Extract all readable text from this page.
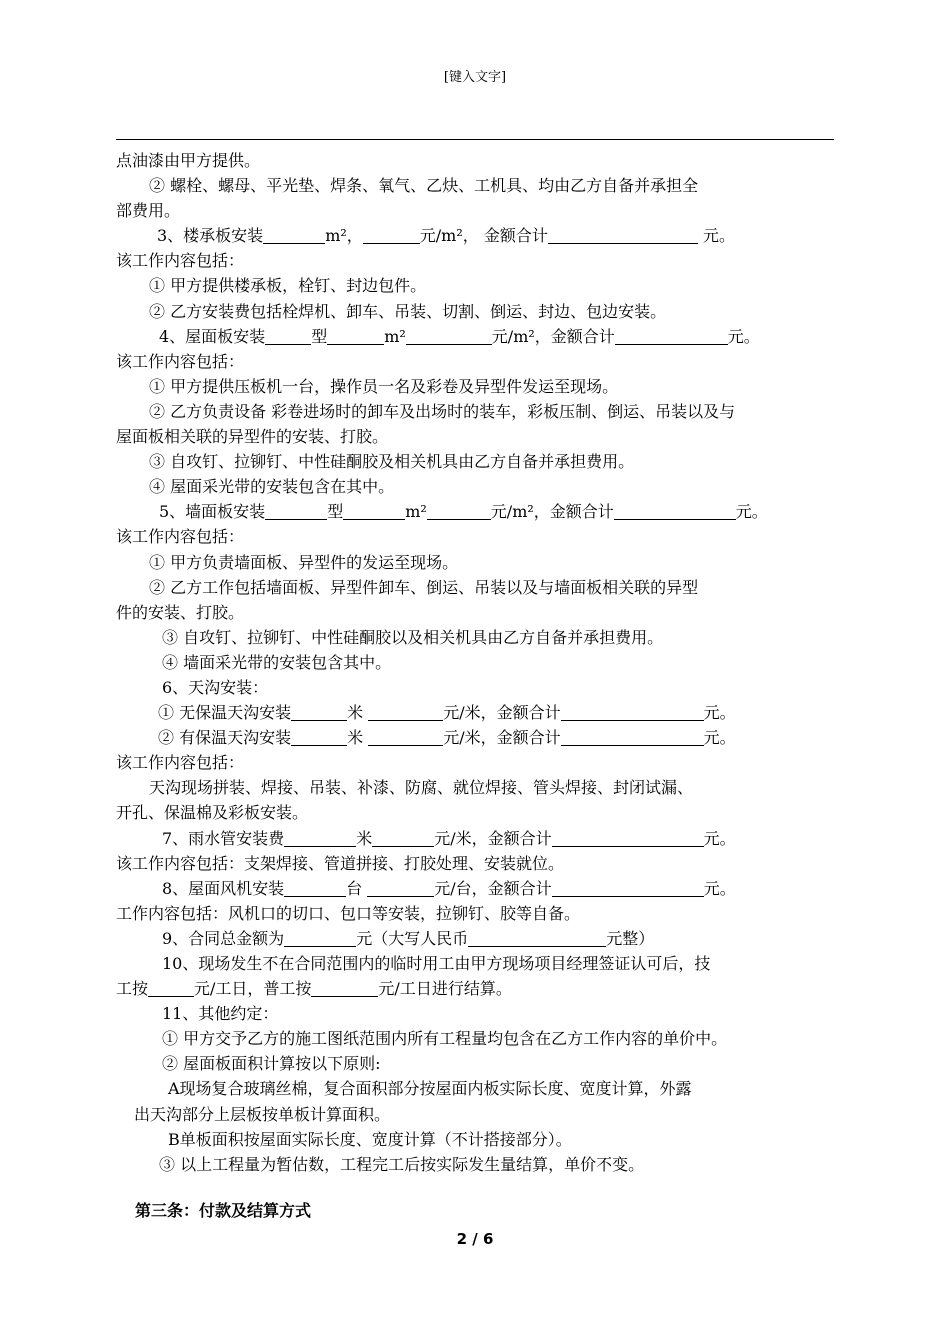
[键入文字]
点油漆由甲方提供。
② 螺栓、螺母、平光垫、焊条、氧气、乙炔、工机具、均由乙方自备并承担全
部费用。
3、楼承板安装	m²，	元/m²， 金额合计	元。
该工作内容包括：
① 甲方提供楼承板，栓钉、封边包件。
② 乙方安装费包括栓焊机、卸车、吊装、切割、倒运、封边、包边安装。
4、屋面板安装	型	m²	元/m²，金额合计	元。
该工作内容包括：
① 甲方提供压板机一台，操作员一名及彩卷及异型件发运至现场。
② 乙方负责设备 彩卷进场时的卸车及出场时的装车，彩板压制、倒运、吊装以及与
屋面板相关联的异型件的安装、打胶。
③ 自攻钉、拉铆钉、中性硅酮胶及相关机具由乙方自备并承担费用。
④ 屋面采光带的安装包含在其中。
5、墙面板安装	型	m²	元/m²，金额合计	元。
该工作内容包括：
① 甲方负责墙面板、异型件的发运至现场。
② 乙方工作包括墙面板、异型件卸车、倒运、吊装以及与墙面板相关联的异型
件的安装、打胶。
③ 自攻钉、拉铆钉、中性硅酮胶以及相关机具由乙方自备并承担费用。
④ 墙面采光带的安装包含其中。
6、天沟安装：
① 无保温天沟安装	米	元/米，金额合计	元。
② 有保温天沟安装	米	元/米，金额合计	元。
该工作内容包括：
天沟现场拼装、焊接、吊装、补漆、防腐、就位焊接、管头焊接、封闭试漏、
开孔、保温棉及彩板安装。
7、雨水管安装费	米	元/米，金额合计	元。
该工作内容包括：支架焊接、管道拼接、打胶处理、安装就位。
8、屋面风机安装	台	元/台，金额合计	元。
工作内容包括：风机口的切口、包口等安装，拉铆钉、胶等自备。
9、合同总金额为	元（大写人民币	元整）
10、现场发生不在合同范围内的临时用工由甲方现场项目经理签证认可后，技
工按	元/工日，普工按	元/工日进行结算。
11、其他约定：
① 甲方交予乙方的施工图纸范围内所有工程量均包含在乙方工作内容的单价中。
② 屋面板面积计算按以下原则:
A现场复合玻璃丝棉，复合面积部分按屋面内板实际长度、宽度计算，外露
出天沟部分上层板按单板计算面积。
B单板面积按屋面实际长度、宽度计算（不计搭接部分）。
③ 以上工程量为暂估数，工程完工后按实际发生量结算，单价不变。
第三条：付款及结算方式
2 / 6
